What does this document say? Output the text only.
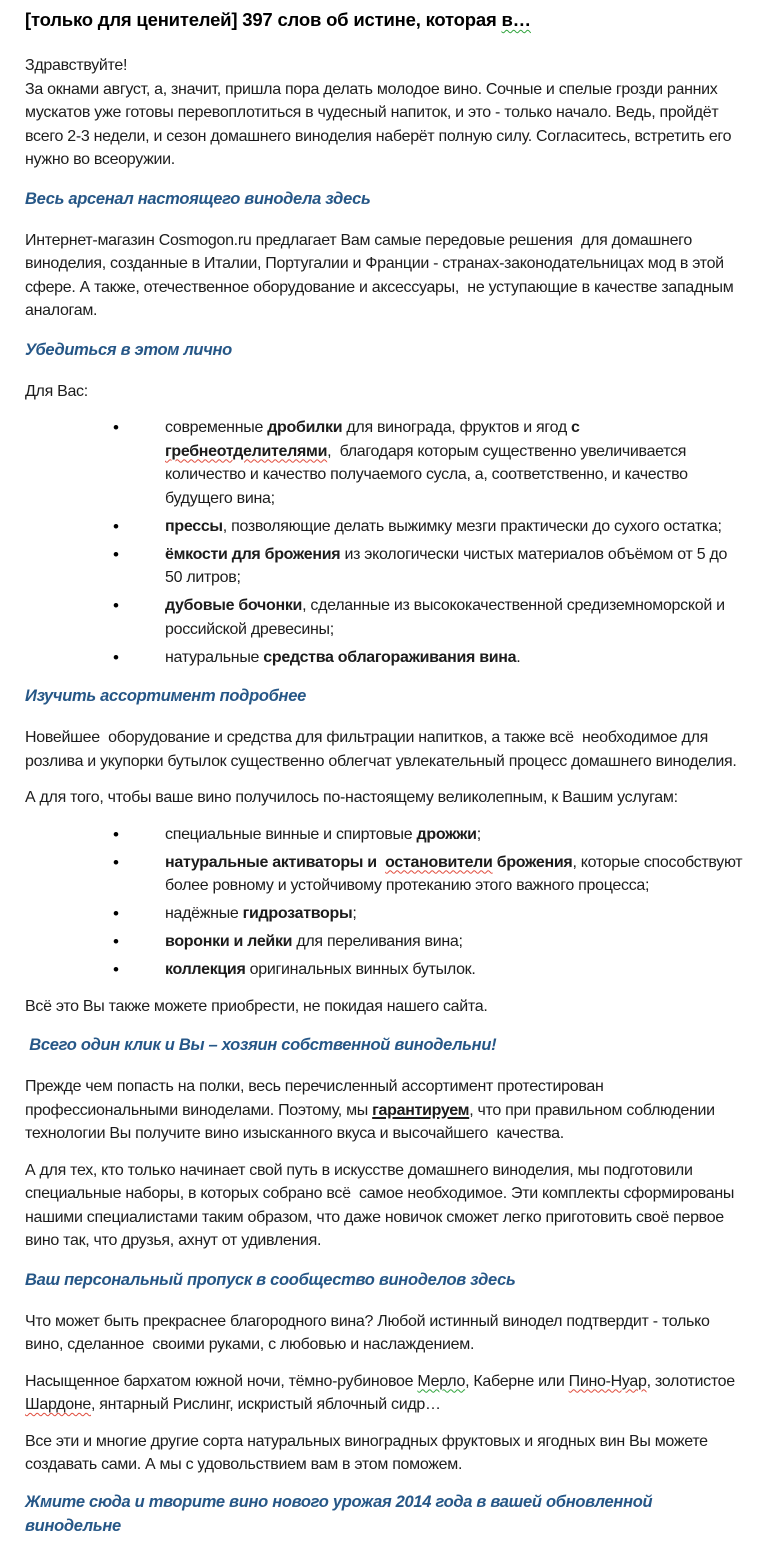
[только для ценителей] 397 слов об истине, которая в…

Здравствуйте!
За окнами август, а, значит, пришла пора делать молодое вино. Сочные и спелые грозди ранних мускатов уже готовы перевоплотиться в чудесный напиток, и это - только начало. Ведь, пройдёт всего 2-3 недели, и сезон домашнего виноделия наберёт полную силу. Согласитесь, встретить его нужно во всеоружии.

Весь арсенал настоящего винодела здесь

Интернет-магазин Cosmogon.ru предлагает Вам самые передовые решения  для домашнего виноделия, созданные в Италии, Португалии и Франции - странах-законодательницах мод в этой сфере. А также, отечественное оборудование и аксессуары,  не уступающие в качестве западным аналогам.

Убедиться в этом лично

Для Вас:

• современные дробилки для винограда, фруктов и ягод с гребнеотделителями,  благодаря которым существенно увеличивается количество и качество получаемого сусла, а, соответственно, и качество будущего вина;
• прессы, позволяющие делать выжимку мезги практически до сухого остатка;
• ёмкости для брожения из экологически чистых материалов объёмом от 5 до 50 литров;
• дубовые бочонки, сделанные из высококачественной средиземноморской и российской древесины;
• натуральные средства облагораживания вина.
Изучить ассортимент подробнее

Новейшее  оборудование и средства для фильтрации напитков, а также всё  необходимое для розлива и укупорки бутылок существенно облегчат увлекательный процесс домашнего виноделия.

А для того, чтобы ваше вино получилось по-настоящему великолепным, к Вашим услугам:

• специальные винные и спиртовые дрожжи;
• натуральные активаторы и  остановители брожения, которые способствуют более ровному и устойчивому протеканию этого важного процесса;
• надёжные гидрозатворы;
• воронки и лейки для переливания вина;
• коллекция оригинальных винных бутылок.

Всё это Вы также можете приобрести, не покидая нашего сайта.

Всего один клик и Вы – хозяин собственной винодельни!

Прежде чем попасть на полки, весь перечисленный ассортимент протестирован профессиональными виноделами. Поэтому, мы гарантируем, что при правильном соблюдении технологии Вы получите вино изысканного вкуса и высочайшего  качества.

А для тех, кто только начинает свой путь в искусстве домашнего виноделия, мы подготовили специальные наборы, в которых собрано всё  самое необходимое. Эти комплекты сформированы нашими специалистами таким образом, что даже новичок сможет легко приготовить своё первое вино так, что друзья, ахнут от удивления.

Ваш персональный пропуск в сообщество виноделов здесь

Что может быть прекраснее благородного вина? Любой истинный винодел подтвердит - только вино, сделанное  своими руками, с любовью и наслаждением.

Насыщенное бархатом южной ночи, тёмно-рубиновое Мерло, Каберне или Пино-Нуар, золотистое Шардоне, янтарный Рислинг, искристый яблочный сидр…

Все эти и многие другие сорта натуральных виноградных фруктовых и ягодных вин Вы можете создавать сами. А мы с удовольствием вам в этом поможем.

Жмите сюда и творите вино нового урожая 2014 года в вашей обновленной  винодельне
